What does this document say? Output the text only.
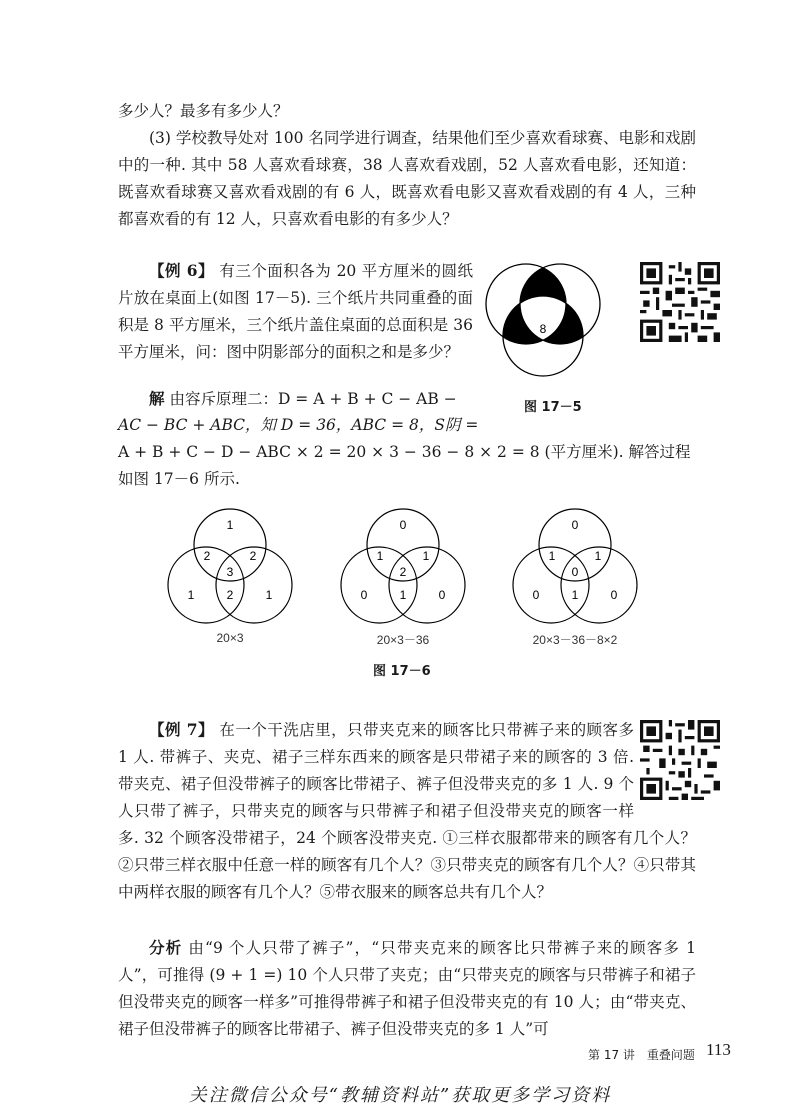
多少人？最多有多少人？

(3) 学校教导处对 100 名同学进行调查，结果他们至少喜欢看球赛、电影和戏剧中的一种. 其中 58 人喜欢看球赛，38 人喜欢看戏剧，52 人喜欢看电影，还知道：既喜欢看球赛又喜欢看戏剧的有 6 人，既喜欢看电影又喜欢看戏剧的有 4 人，三种都喜欢看的有 12 人，只喜欢看电影的有多少人？

【例 6】 有三个面积各为 20 平方厘米的圆纸片放在桌面上(如图 17－5). 三个纸片共同重叠的面积是 8 平方厘米，三个纸片盖住桌面的总面积是 36 平方厘米，问：图中阴影部分的面积之和是多少？

8
图 17－5

解 由容斥原理二：D = A + B + C − AB −

AC − BC + ABC，知 D = 36，ABC = 8，S阴 =

A + B + C − D − ABC × 2 = 20 × 3 − 36 − 8 × 2 = 8 (平方厘米). 解答过程

如图 17－6 所示.

1
2	2
3
1	1
2
20×3
0
1	1
2
0	0
1
20×3－36
0
1	1
0
0	0
1
20×3－36－8×2
图 17－6

【例 7】 在一个干洗店里，只带夹克来的顾客比只带裤子来的顾客多 1 人. 带裤子、夹克、裙子三样东西来的顾客是只带裙子来的顾客的 3 倍. 带夹克、裙子但没带裤子的顾客比带裙子、裤子但没带夹克的多 1 人. 9 个人只带了裤子，只带夹克的顾客与只带裤子和裙子但没带夹克的顾客一样多. 32 个顾客没带裙子，24 个顾客没带夹克. ①三样衣服都带来的顾客有几个人？②只带三样衣服中任意一样的顾客有几个人？③只带夹克的顾客有几个人？④只带其中两样衣服的顾客有几个人？⑤带衣服来的顾客总共有几个人？

分析 由“9 个人只带了裤子”，“只带夹克来的顾客比只带裤子来的顾客多 1 人”，可推得 (9 + 1 =) 10 个人只带了夹克；由“只带夹克的顾客与只带裤子和裙子但没带夹克的顾客一样多”可推得带裤子和裙子但没带夹克的有 10 人；由“带夹克、裙子但没带裤子的顾客比带裙子、裤子但没带夹克的多 1 人”可

第 17 讲　重叠问题 113
关注微信公众号“教辅资料站”获取更多学习资料
